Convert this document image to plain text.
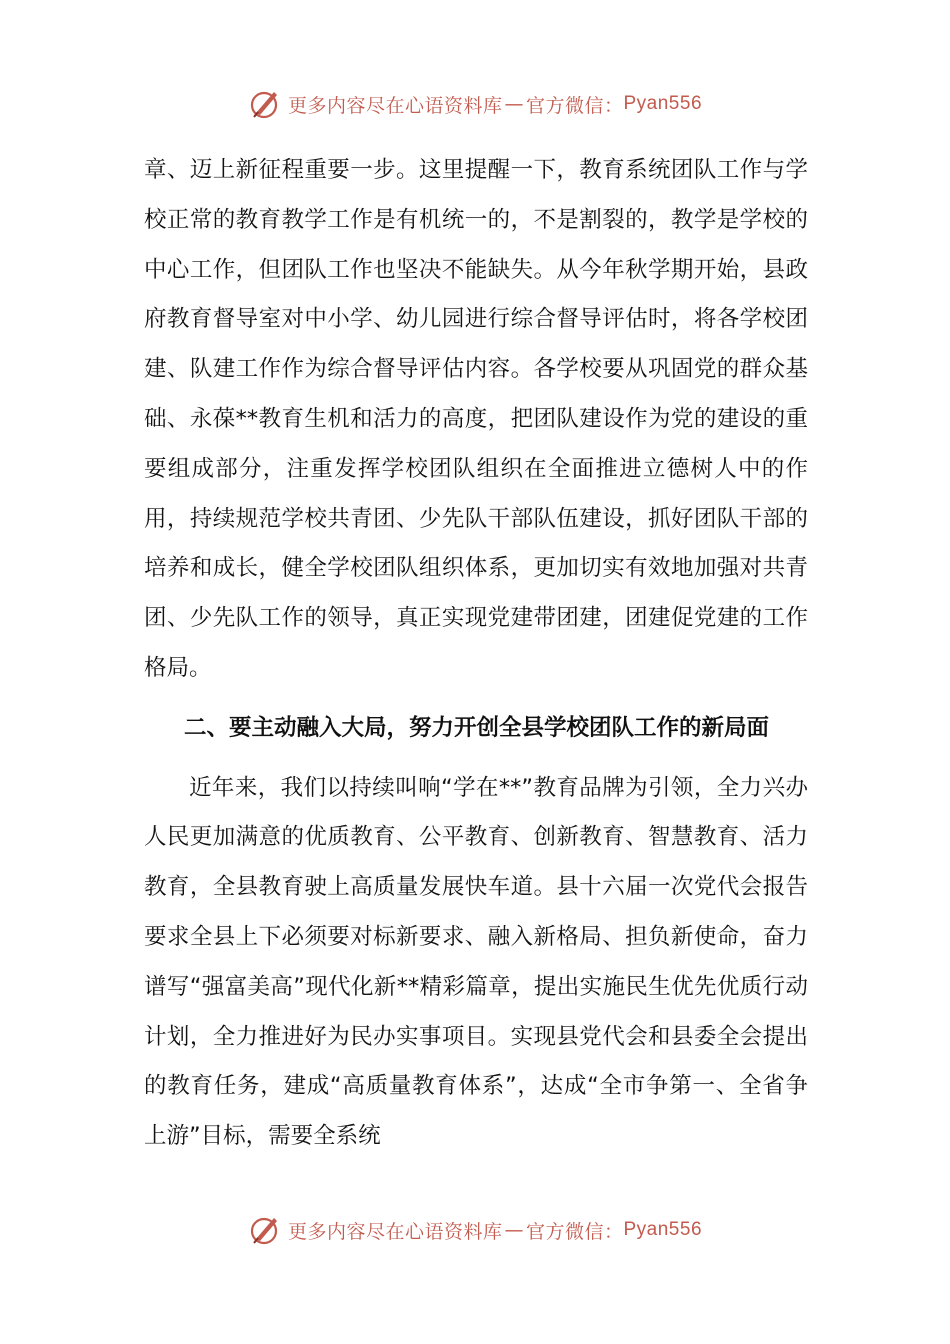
更多内容尽在心语资料库 — 官方微信： Pyan556

章、迈上新征程重要一步。这里提醒一下，教育系统团队工作与学校正常的教育教学工作是有机统一的，不是割裂的，教学是学校的中心工作，但团队工作也坚决不能缺失。从今年秋学期开始，县政府教育督导室对中小学、幼儿园进行综合督导评估时，将各学校团建、队建工作作为综合督导评估内容。各学校要从巩固党的群众基础、永葆**教育生机和活力的高度，把团队建设作为党的建设的重要组成部分，注重发挥学校团队组织在全面推进立德树人中的作用，持续规范学校共青团、少先队干部队伍建设，抓好团队干部的培养和成长，健全学校团队组织体系，更加切实有效地加强对共青团、少先队工作的领导，真正实现党建带团建，团建促党建的工作格局。

二、要主动融入大局，努力开创全县学校团队工作的新局面

近年来，我们以持续叫响“学在**”教育品牌为引领，全力兴办人民更加满意的优质教育、公平教育、创新教育、智慧教育、活力教育，全县教育驶上高质量发展快车道。县十六届一次党代会报告要求全县上下必须要对标新要求、融入新格局、担负新使命，奋力谱写“强富美高”现代化新**精彩篇章，提出实施民生优先优质行动计划，全力推进好为民办实事项目。实现县党代会和县委全会提出的教育任务，建成“高质量教育体系”，达成“全市争第一、全省争上游”目标，需要全系统

更多内容尽在心语资料库 — 官方微信： Pyan556
